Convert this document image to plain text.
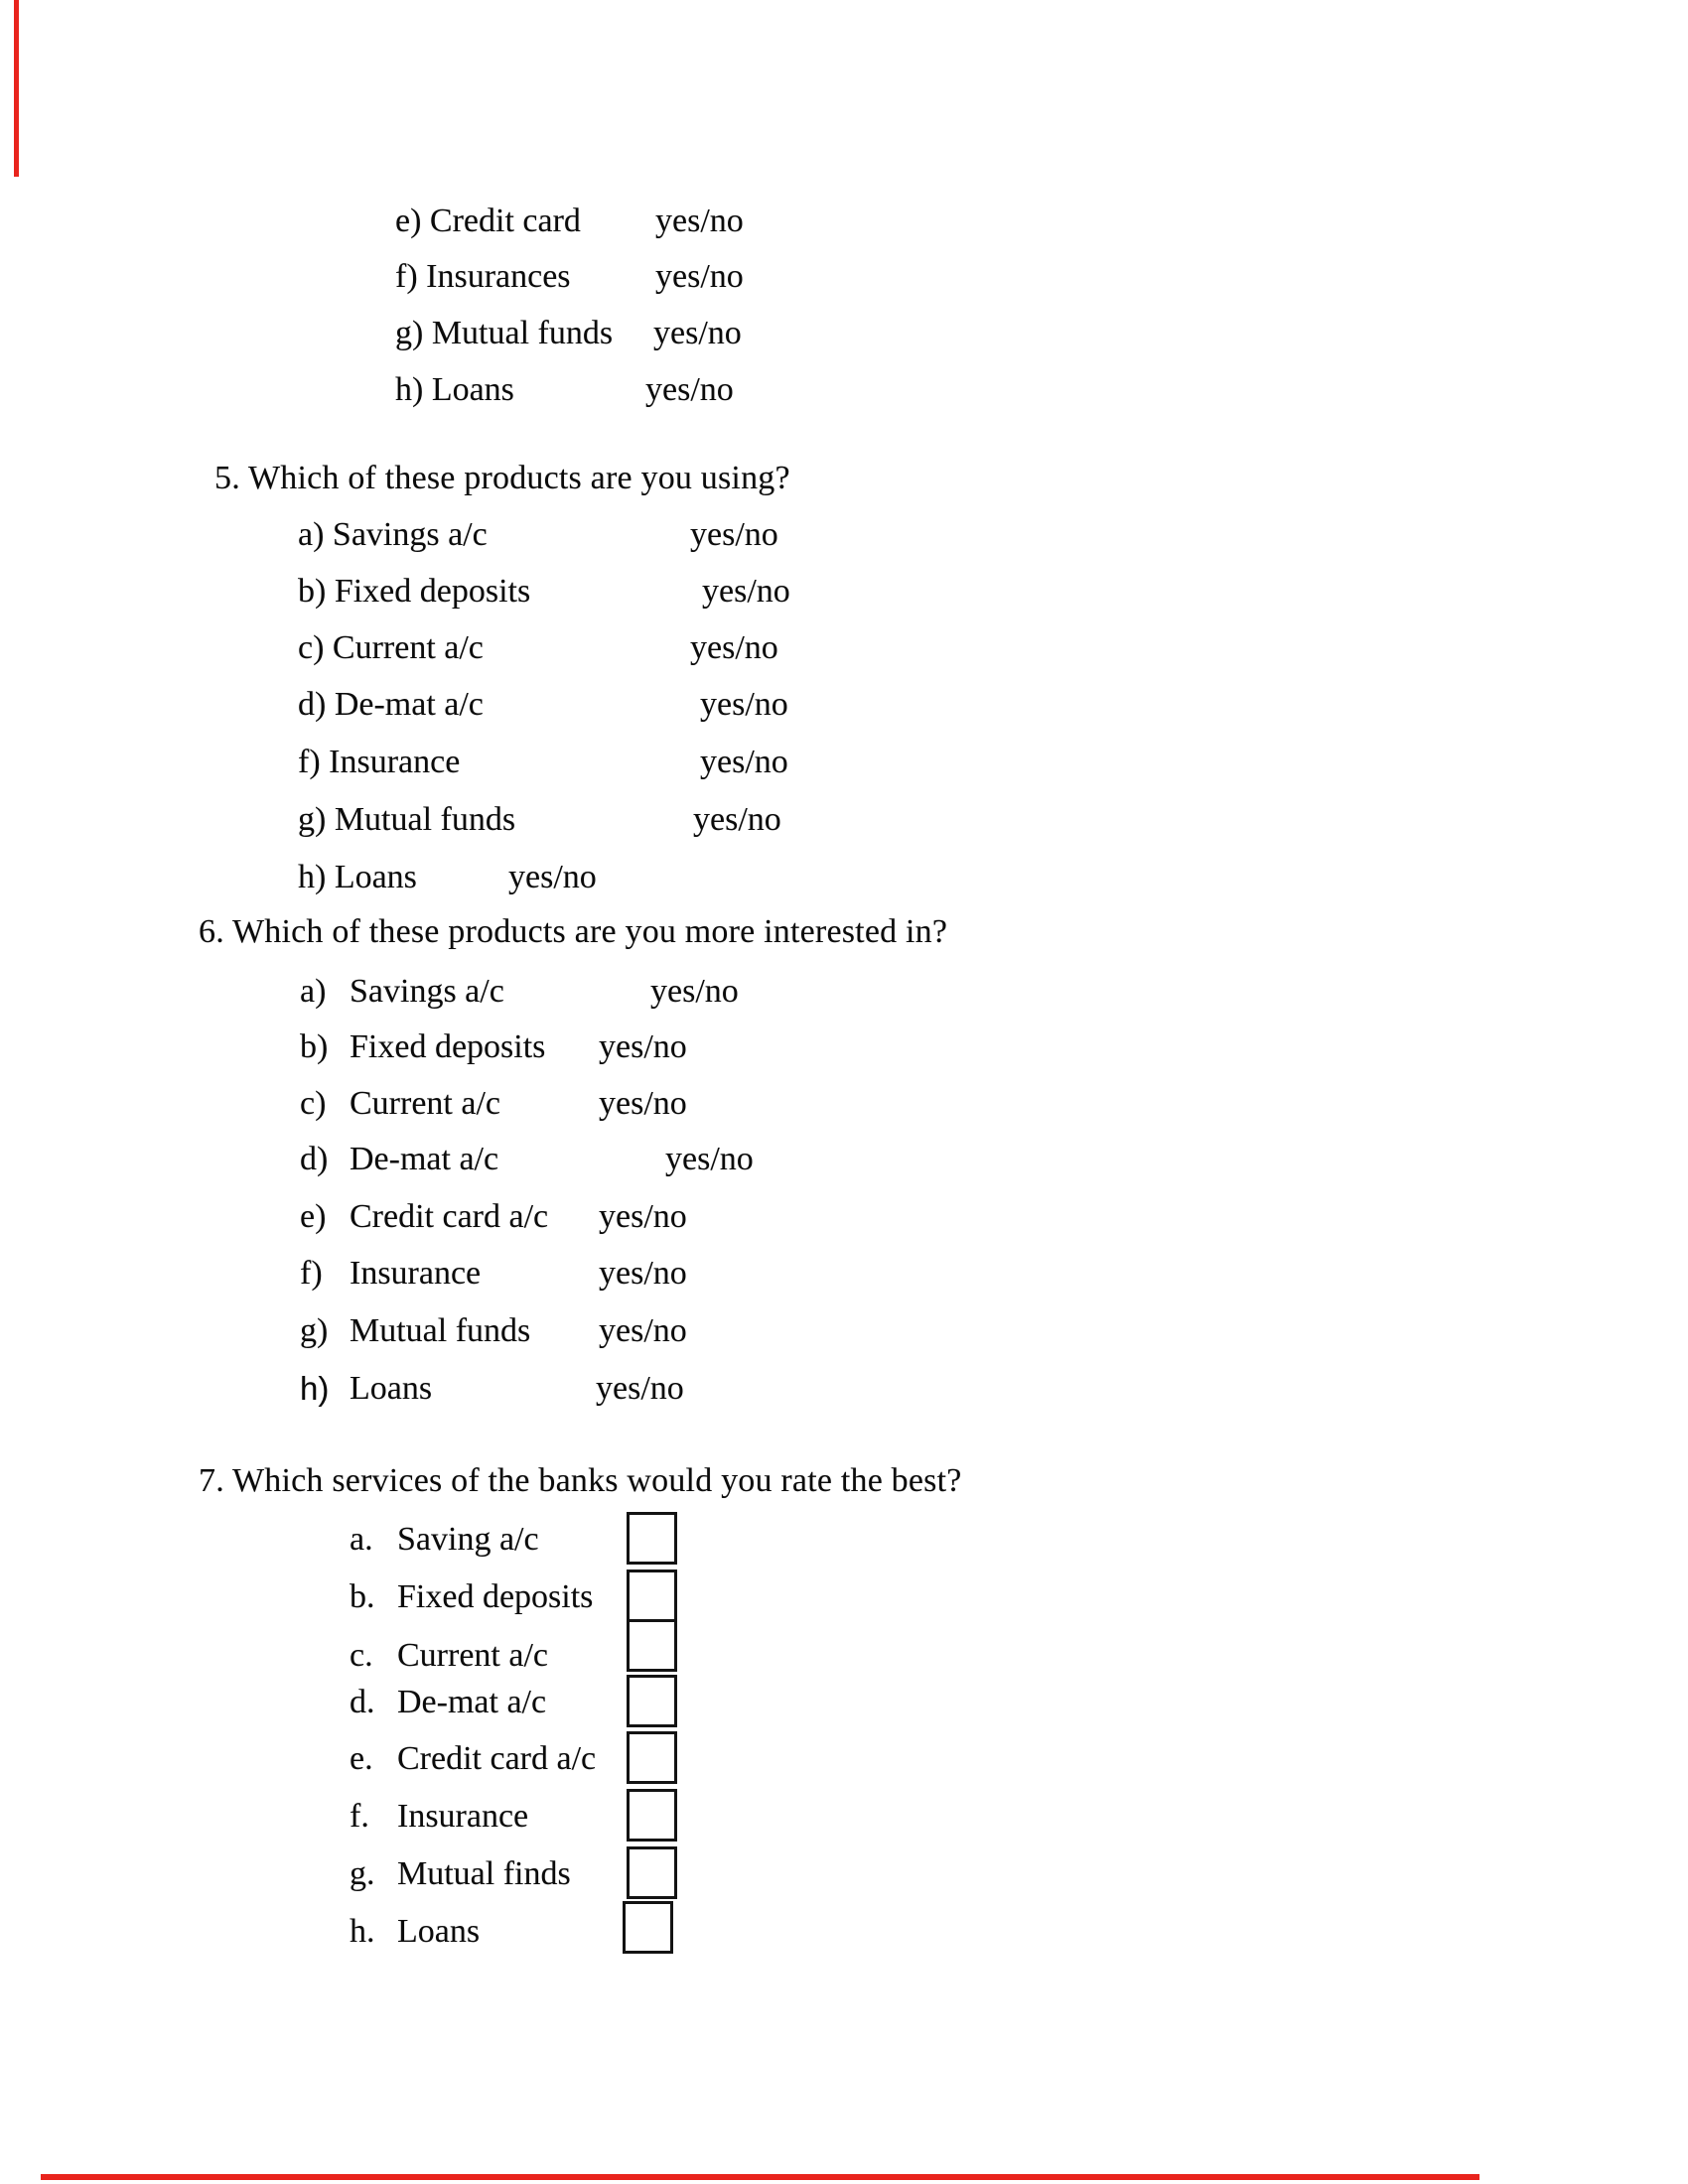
e) Credit card yes/no
f) Insurances	yes/no
g) Mutual funds yes/no
h) Loans	yes/no
5. Which of these products are you using?
a) Savings a/c	yes/no
b) Fixed deposits	yes/no
c) Current a/c	yes/no
d) De-mat a/c	yes/no
f) Insurance	yes/no
g) Mutual funds	yes/no
h) Loans	yes/no
6. Which of these products are you more interested in?
a) Savings a/c	yes/no
b) Fixed deposits yes/no
c) Current a/c	yes/no
d) De-mat a/c	yes/no
e) Credit card a/c yes/no
f) Insurance	yes/no
g) Mutual funds yes/no
h) Loans	yes/no
7. Which services of the banks would you rate the best?
a. Saving a/c
b. Fixed deposits
c. Current a/c
d. De-mat a/c
e. Credit card a/c
f. Insurance
g. Mutual finds
h. Loans
